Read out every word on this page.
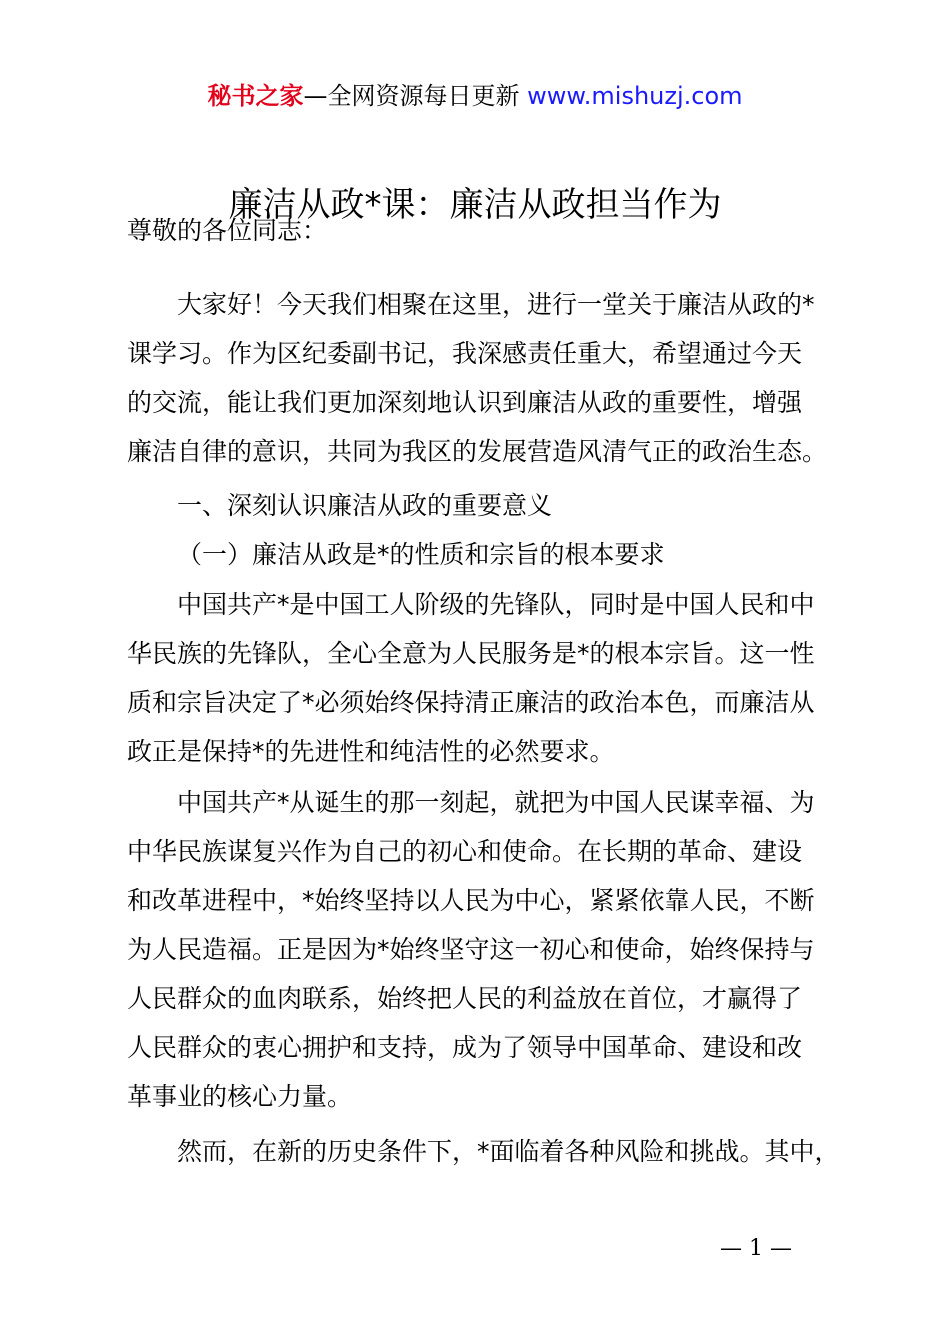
秘书之家—全网资源每日更新 www.mishuzj.com
廉洁从政*课：廉洁从政担当作为
尊敬的各位同志：
大家好！今天我们相聚在这里，进行一堂关于廉洁从政的*
课学习。作为区纪委副书记，我深感责任重大，希望通过今天
的交流，能让我们更加深刻地认识到廉洁从政的重要性，增强
廉洁自律的意识，共同为我区的发展营造风清气正的政治生态。
一、深刻认识廉洁从政的重要意义
（一）廉洁从政是*的性质和宗旨的根本要求
中国共产*是中国工人阶级的先锋队，同时是中国人民和中
华民族的先锋队，全心全意为人民服务是*的根本宗旨。这一性
质和宗旨决定了*必须始终保持清正廉洁的政治本色，而廉洁从
政正是保持*的先进性和纯洁性的必然要求。
中国共产*从诞生的那一刻起，就把为中国人民谋幸福、为
中华民族谋复兴作为自己的初心和使命。在长期的革命、建设
和改革进程中，*始终坚持以人民为中心，紧紧依靠人民，不断
为人民造福。正是因为*始终坚守这一初心和使命，始终保持与
人民群众的血肉联系，始终把人民的利益放在首位，才赢得了
人民群众的衷心拥护和支持，成为了领导中国革命、建设和改
革事业的核心力量。
然而，在新的历史条件下，*面临着各种风险和挑战。其中，
— 1 —
